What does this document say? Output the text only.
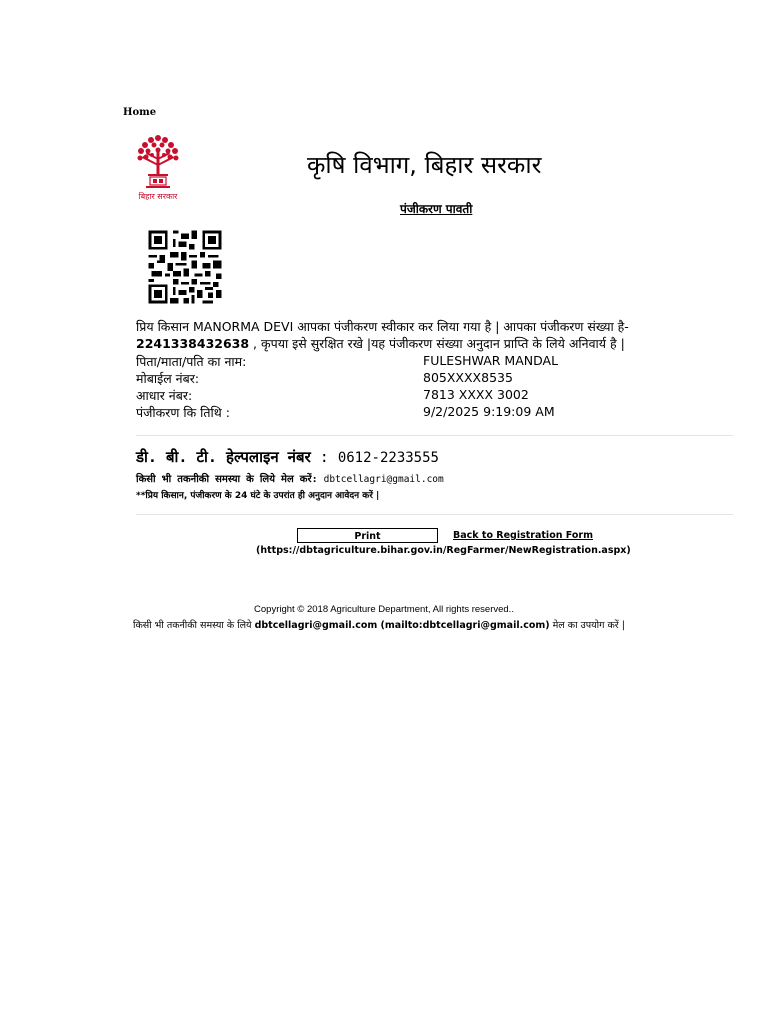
Home
बिहार सरकार
कृषि विभाग, बिहार सरकार
पंजीकरण पावती
प्रिय किसान MANORMA DEVI आपका पंजीकरण स्वीकार कर लिया गया है | आपका पंजीकरण संख्या है-
2241338432638 , कृपया इसे सुरक्षित रखे |यह पंजीकरण संख्या अनुदान प्राप्ति के लिये अनिवार्य है |
पिता/माता/पति का नाम:	FULESHWAR MANDAL
मोबाईल नंबर:	805XXXX8535
आधार नंबर:	7813 XXXX 3002
पंजीकरण कि तिथि :	9/2/2025 9:19:09 AM
डी. बी. टी. हेल्पलाइन नंबर : 0612-2233555
किसी भी तकनीकी समस्या के लिये मेल करें: dbtcellagri@gmail.com
**प्रिय किसान, पंजीकरण के 24 घंटे के उपरांत ही अनुदान आवेदन करें |
Print	Back to Registration Form
(https://dbtagriculture.bihar.gov.in/RegFarmer/NewRegistration.aspx)
Copyright © 2018 Agriculture Department, All rights reserved..
किसी भी तकनीकी समस्या के लिये dbtcellagri@gmail.com (mailto:dbtcellagri@gmail.com) मेल का उपयोग करें |
